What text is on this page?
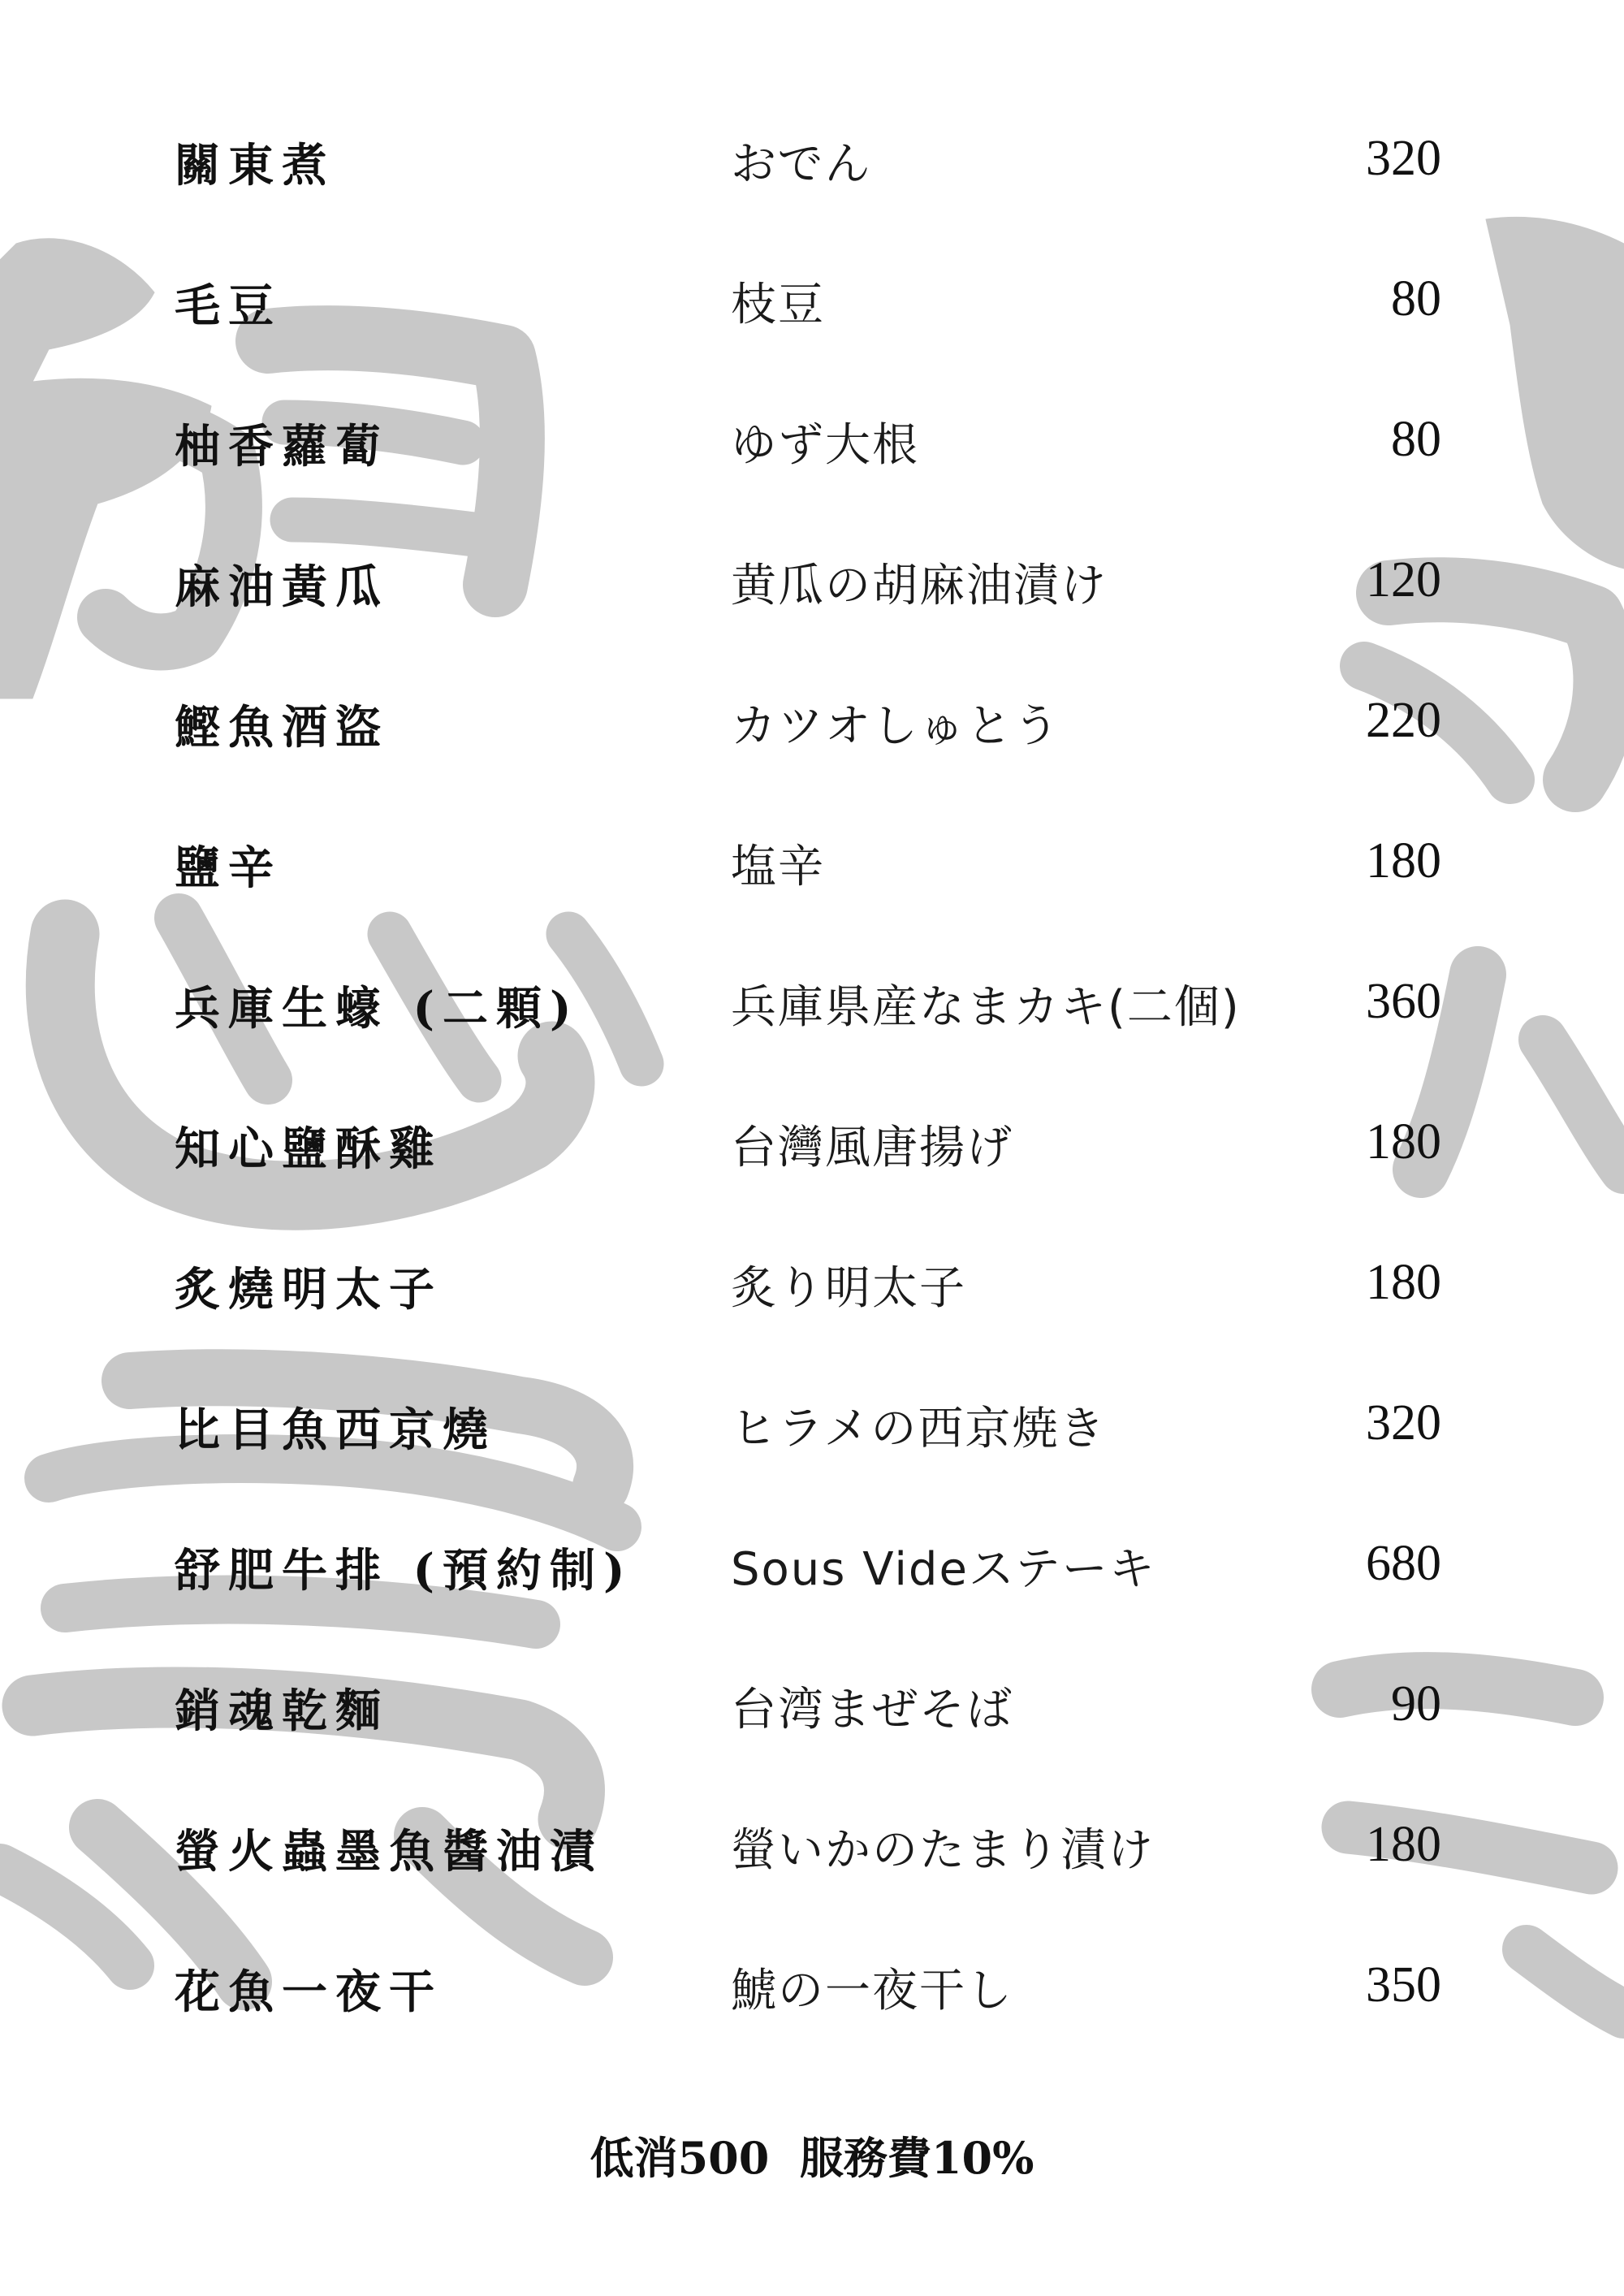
關東煮	おでん	320
毛豆	枝豆	80
柚香蘿蔔	ゆず大根	80
麻油黃瓜	黄瓜の胡麻油漬け	120
鰹魚酒盜	カツオしゅとう	220
鹽辛	塩辛	180
兵庫生蠔 (二顆)	兵庫県産なまカキ(二個) 360
知心鹽酥雞	台灣風唐揚げ	180
炙燒明太子	炙り明太子	180
比目魚西京燒	ヒラメの西京焼き	320
舒肥牛排 (預約制) Sous Videステーキ	680
銷魂乾麵	台湾まぜそば	90
螢火蟲墨魚醬油漬	螢いかのたまり漬け	180
花魚一夜干	鯱の一夜干し	350
低消500  服務費10%
